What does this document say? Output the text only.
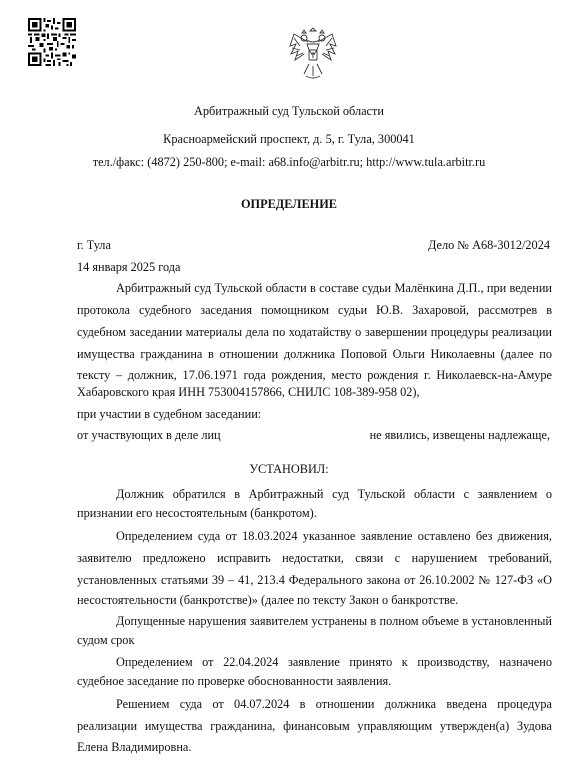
Арбитражный суд Тульской области
Красноармейский проспект, д. 5, г. Тула, 300041
тел./факс: (4872) 250-800; e-mail: a68.info@arbitr.ru; http://www.tula.arbitr.ru
ОПРЕДЕЛЕНИЕ
г. Тула	Дело № А68-3012/2024
14 января 2025 года
Арбитражный суд Тульской области в составе судьи Малёнкина Д.П., при ведении
протокола судебного заседания помощником судьи Ю.В. Захаровой, рассмотрев в
судебном заседании материалы дела по ходатайству о завершении процедуры реализации
имущества гражданина в отношении должника Поповой Ольги Николаевны (далее по
тексту – должник, 17.06.1971 года рождения, место рождения г. Николаевск-на-Амуре
Хабаровского края ИНН 753004157866, СНИЛС 108-389-958 02),
при участии в судебном заседании:
от участвующих в деле лиц	не явились, извещены надлежаще,
УСТАНОВИЛ:
Должник обратился в Арбитражный суд Тульской области с заявлением о
признании его несостоятельным (банкротом).
Определением суда от 18.03.2024 указанное заявление оставлено без движения,
заявителю предложено исправить недостатки, связи с нарушением требований,
установленных статьями 39 – 41, 213.4 Федерального закона от 26.10.2002 № 127-ФЗ «О
несостоятельности (банкротстве)» (далее по тексту Закон о банкротстве.
Допущенные нарушения заявителем устранены в полном объеме в установленный
судом срок
Определением от 22.04.2024 заявление принято к производству, назначено
судебное заседание по проверке обоснованности заявления.
Решением суда от 04.07.2024 в отношении должника введена процедура
реализации имущества гражданина, финансовым управляющим утвержден(а) Зудова
Елена Владимировна.
